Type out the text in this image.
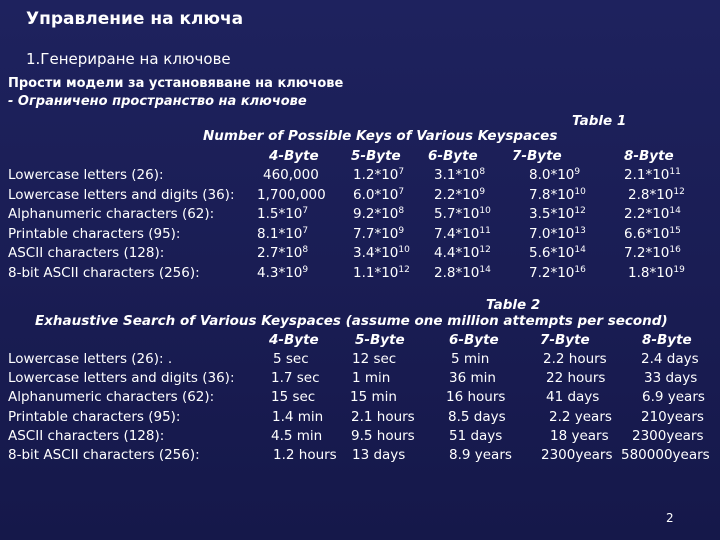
Управление на ключа
1.Генериране на ключове
Прости модели за установяване на ключове
- Ограничено пространство на ключове
Table 1
Number of Possible Keys of Various Keyspaces
4-Byte 5-Byte 6-Byte	7-Byte	8-Byte
Lowercase letters (26):	460,000	$1.2*10^7$ $3.1*10^8$	$8.0*10^9$	$2.1*10^{11}$
Lowercase letters and digits (36): 1,700,000 $6.0*10^7$ $2.2*10^9$	$7.8*10^{10}$	$2.8*10^{12}$
Alphanumeric characters (62):	$1.5*10^7$	$9.2*10^8$ $5.7*10^{10}$	$3.5*10^{12}$	$2.2*10^{14}$
Printable characters (95):	$8.1*10^7$	$7.7*10^9$ $7.4*10^{11}$	$7.0*10^{13}$	$6.6*10^{15}$
ASCII characters (128):	$2.7*10^8$	$3.4*10^{10}$ $4.4*10^{12}$	$5.6*10^{14}$	$7.2*10^{16}$
8-bit ASCII characters (256):	$4.3*10^9$	$1.1*10^{12}$ $2.8*10^{14}$	$7.2*10^{16}$	$1.8*10^{19}$
Table 2
Exhaustive Search of Various Keyspaces (assume one million attempts per second)
4-Byte	5-Byte	6-Byte	7-Byte	8-Byte
Lowercase letters (26): .	5 sec	12 sec	5 min	2.2 hours	2.4 days
Lowercase letters and digits (36):	1.7 sec 1 min	36 min	22 hours	33 days
Alphanumeric characters (62):	15 sec	15 min	16 hours	41 days	6.9 years
Printable characters (95):	1.4 min 2.1 hours 8.5 days	2.2 years 210years
ASCII characters (128):	4.5 min 9.5 hours	51 days	18 years 2300years
8-bit ASCII characters (256):	1.2 hours 13 days	8.9 years 2300years 580000years
2
